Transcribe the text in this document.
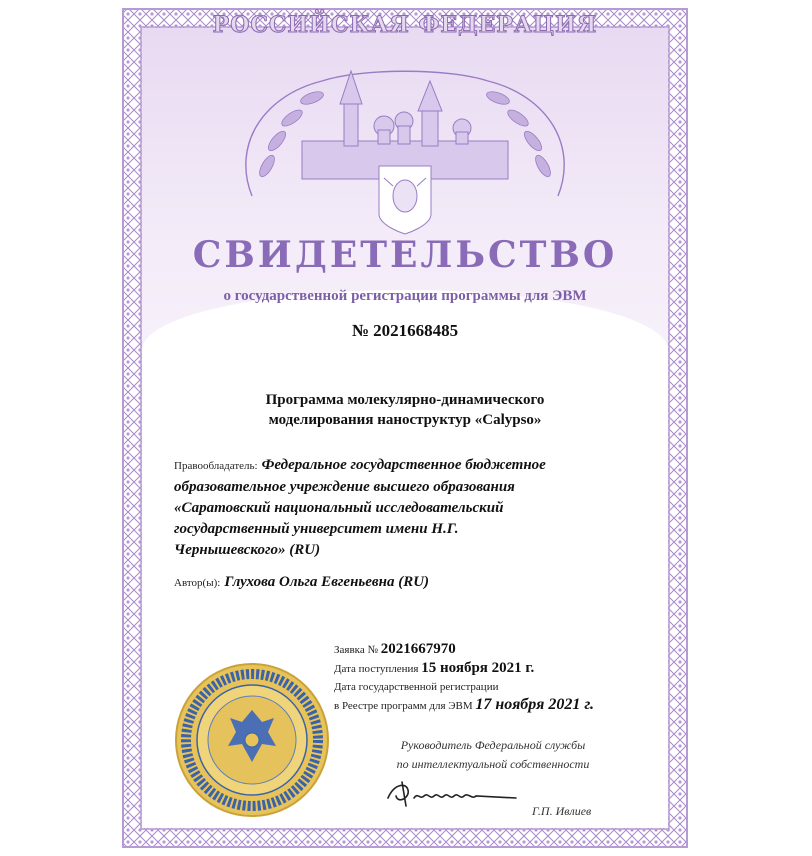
РОССИЙСКАЯ ФЕДЕРАЦИЯ
СВИДЕТЕЛЬСТВО
о государственной регистрации программы для ЭВМ
№ 2021668485
Программа молекулярно-динамического
моделирования наноструктур «Calypso»
Правообладатель: Федеральное государственное бюджетное
образовательное учреждение высшего образования
«Саратовский национальный исследовательский
государственный университет имени Н.Г.
Чернышевского» (RU)
Автор(ы): Глухова Ольга Евгеньевна (RU)
Заявка № 2021667970
Дата поступления 15 ноября 2021 г.
Дата государственной регистрации
в Реестре программ для ЭВМ 17 ноября 2021 г.
Руководитель Федеральной службы
по интеллектуальной собственности
Г.П. Ивлиев
